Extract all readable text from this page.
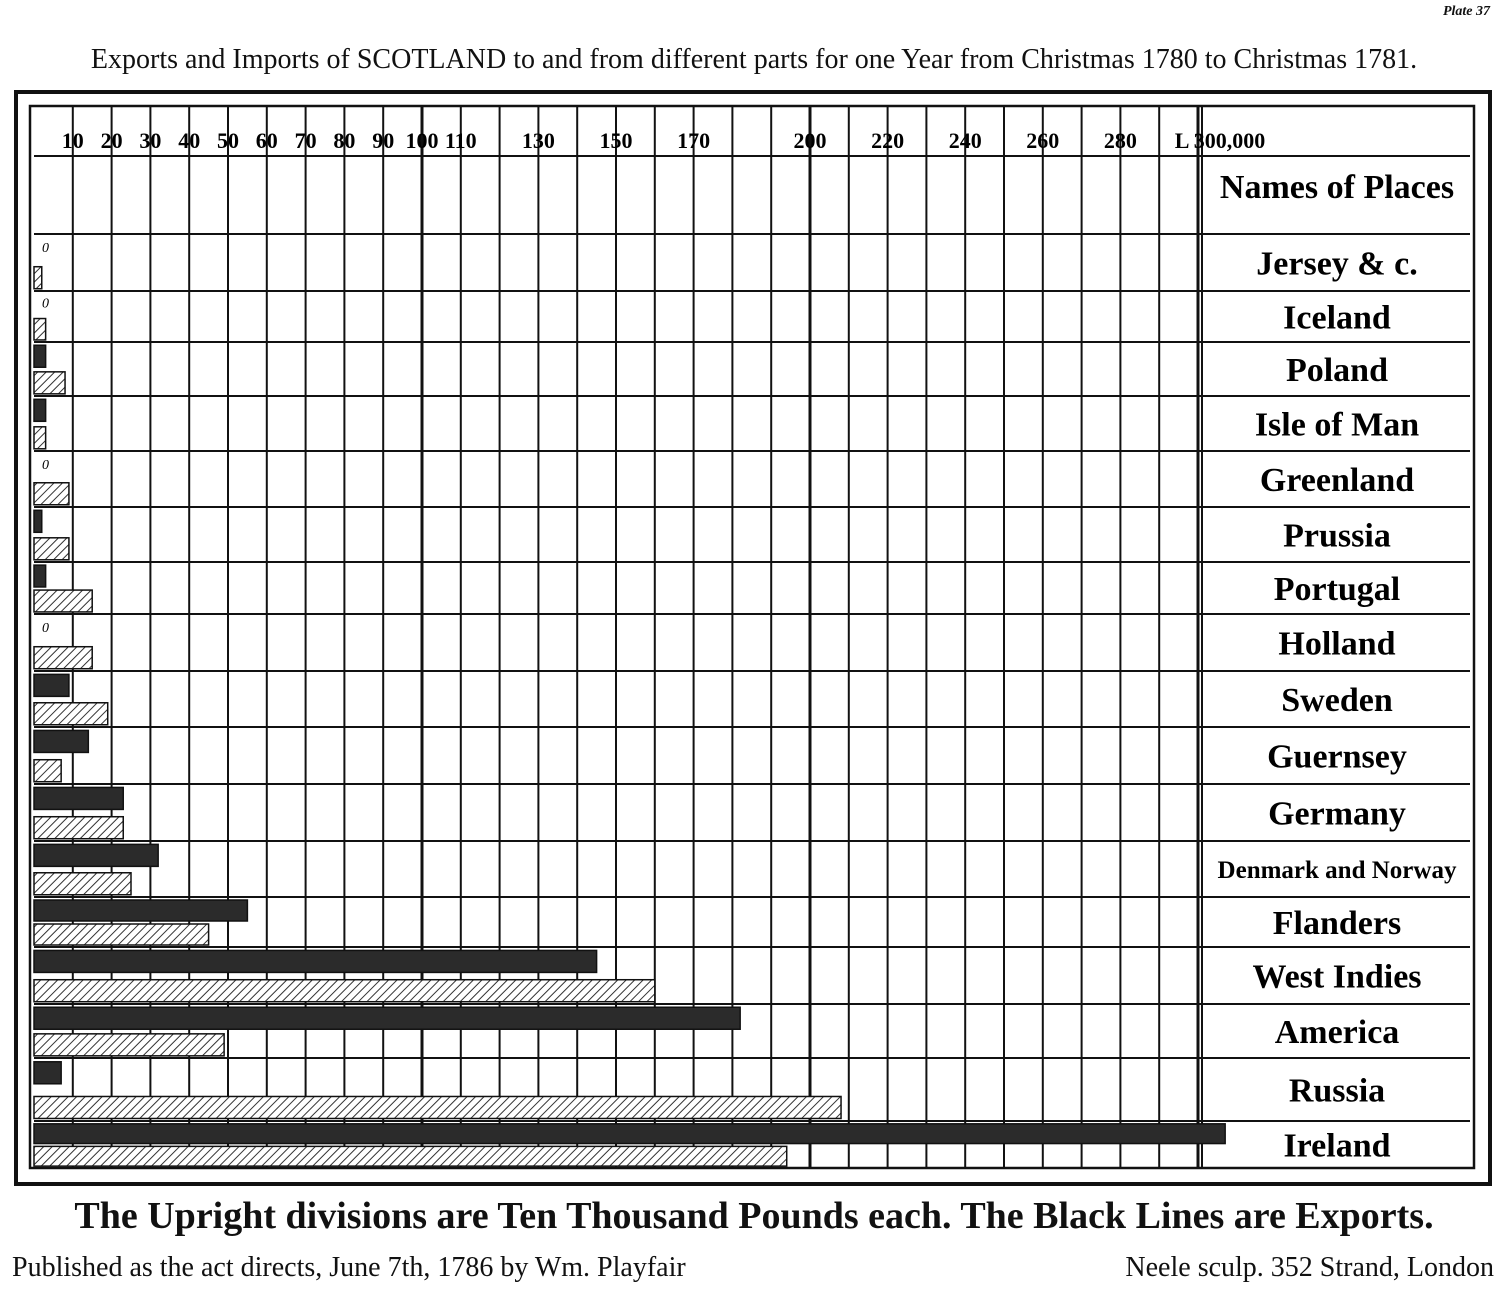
Plate 37
Exports and Imports of SCOTLAND to and from different parts for one Year from Christmas 1780 to Christmas 1781.
10 20 30 40 50 60 70 80 90 100 110 130 150 170	200 220 240 260 280 L 300,000
Names of Places
0
0
0
0
Jersey & c.
Iceland
Poland
Isle of Man
Greenland
Prussia
Portugal
Holland
Sweden
Guernsey
Germany
Denmark and Norway
Flanders
West Indies
America
Russia
Ireland
The Upright divisions are Ten Thousand Pounds each. The Black Lines are Exports.
Published as the act directs, June 7th, 1786 by Wm. Playfair	Neele sculp. 352 Strand, London
